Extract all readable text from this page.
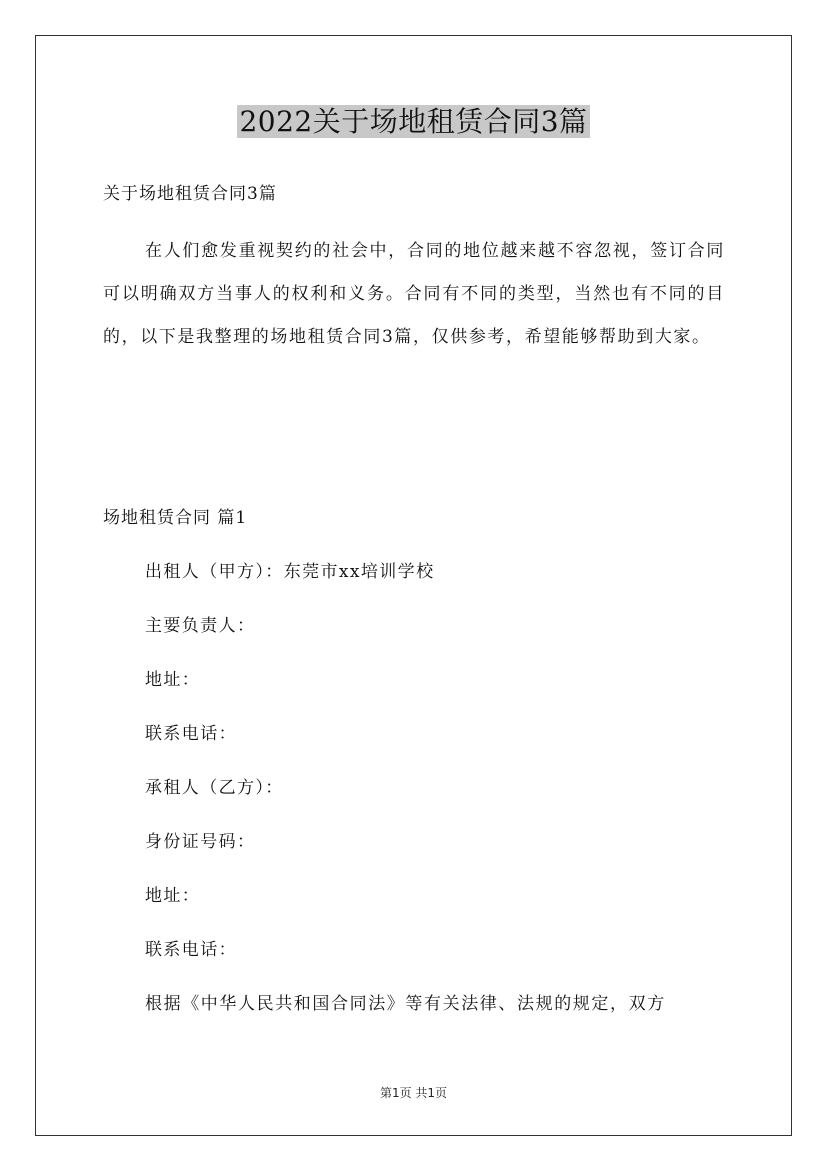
2022关于场地租赁合同3篇
关于场地租赁合同3篇

在人们愈发重视契约的社会中，合同的地位越来越不容忽视，签订合同可以明确双方当事人的权利和义务。合同有不同的类型，当然也有不同的目的，以下是我整理的场地租赁合同3篇，仅供参考，希望能够帮助到大家。

场地租赁合同 篇1
出租人（甲方）：东莞市xx培训学校
主要负责人：
地址：
联系电话：
承租人（乙方）：
身份证号码：
地址：
联系电话：
根据《中华人民共和国合同法》等有关法律、法规的规定，双方
第1页 共1页
